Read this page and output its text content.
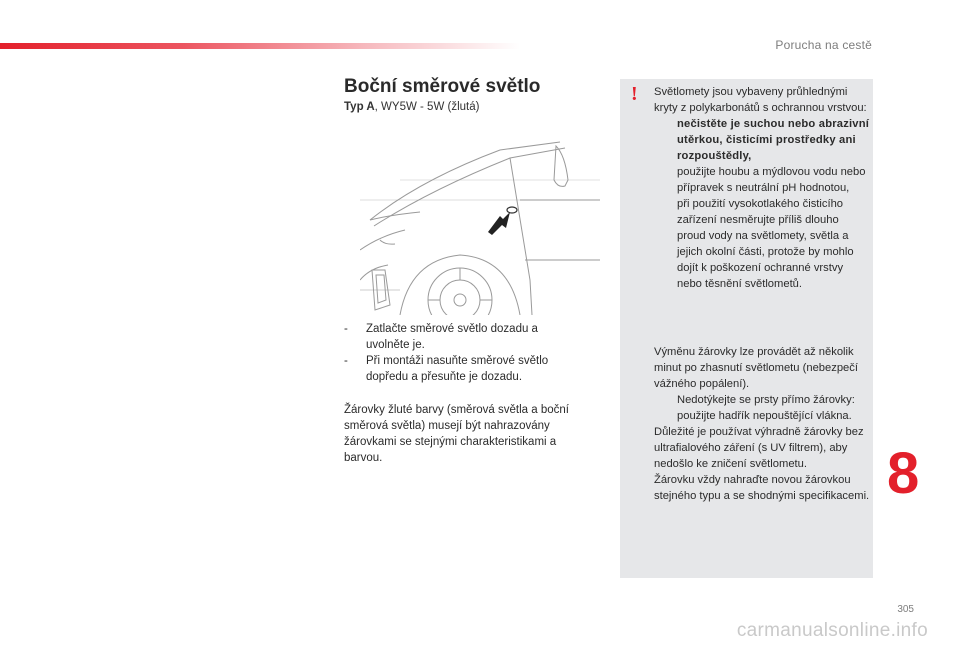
Porucha na cestě
Boční směrové světlo
Typ A, WY5W - 5W (žlutá)
- Zatlačte směrové světlo dozadu a uvolněte je.
- Při montáži nasuňte směrové světlo dopředu a přesuňte je dozadu.

Žárovky žluté barvy (směrová světla a boční směrová světla) musejí být nahrazovány žárovkami se stejnými charakteristikami a barvou.

! Světlomety jsou vybaveny průhlednými kryty z polykarbonátů s ochrannou vrstvou:

nečistěte je suchou nebo abrazivní utěrkou, čisticími prostředky ani rozpouštědly,
použijte houbu a mýdlovou vodu nebo přípravek s neutrální pH hodnotou,
při použití vysokotlakého čisticího zařízení nesměrujte příliš dlouho proud vody na světlomety, světla a jejich okolní části, protože by mohlo dojít k poškození ochranné vrstvy nebo těsnění světlometů.

Výměnu žárovky lze provádět až několik minut po zhasnutí světlometu (nebezpečí vážného popálení).

Nedotýkejte se prsty přímo žárovky: použijte hadřík nepouštějící vlákna.

Důležité je používat výhradně žárovky bez ultrafialového záření (s UV filtrem), aby nedošlo ke zničení světlometu.

Žárovku vždy nahraďte novou žárovkou stejného typu a se shodnými specifikacemi. 8
305
carmanualsonline.info
